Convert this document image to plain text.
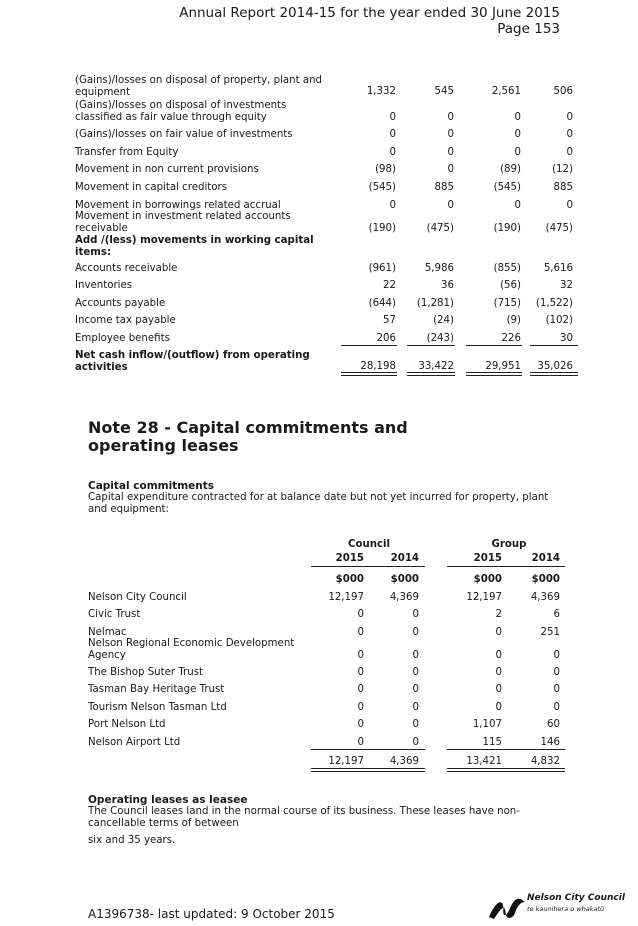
Annual Report 2014-15 for the year ended 30 June 2015
Page 153
(Gains)/losses on disposal of property, plant and equipment	1,332	545	2,561	506
(Gains)/losses on disposal of investments classified as fair value through equity	0	0	0	0
(Gains)/losses on fair value of investments	0	0	0	0
Transfer from Equity	0	0	0	0
Movement in non current provisions	(98)	0	(89)	(12)
Movement in capital creditors	(545)	885	(545)	885
Movement in borrowings related accrual	0	0	0	0
Movement in investment related accounts receivable	(190)	(475)	(190)	(475)
Add /(less) movements in working capital items:
Accounts receivable	(961)	5,986	(855)	5,616
Inventories	22	36	(56)	32
Accounts payable	(644)	(1,281)	(715)	(1,522)
Income tax payable	57	(24)	(9)	(102)
Employee benefits	206	(243)	226	30
Net cash inflow/(outflow) from operating activities	28,198	33,422	29,951	35,026
Note 28 - Capital commitments and operating leases
Capital commitments
Capital expenditure contracted for at balance date but not yet incurred for property, plant and equipment:
Council	Group
2015	2014	2015	2014
$000	$000	$000	$000
Nelson City Council	12,197	4,369	12,197	4,369
Civic Trust	0	0	2	6
Nelmac	0	0	0	251
Nelson Regional Economic Development Agency	0	0	0	0
The Bishop Suter Trust	0	0	0	0
Tasman Bay Heritage Trust	0	0	0	0
Tourism Nelson Tasman Ltd	0	0	0	0
Port Nelson Ltd	0	0	1,107	60
Nelson Airport Ltd	0	0	115	146
12,197	4,369	13,421	4,832
Operating leases as leasee
The Council leases land in the normal course of its business. These leases have non-cancellable terms of between
six and 35 years.
A1396738- last updated: 9 October 2015
Nelson City Council
te kaunihera o whakatū
